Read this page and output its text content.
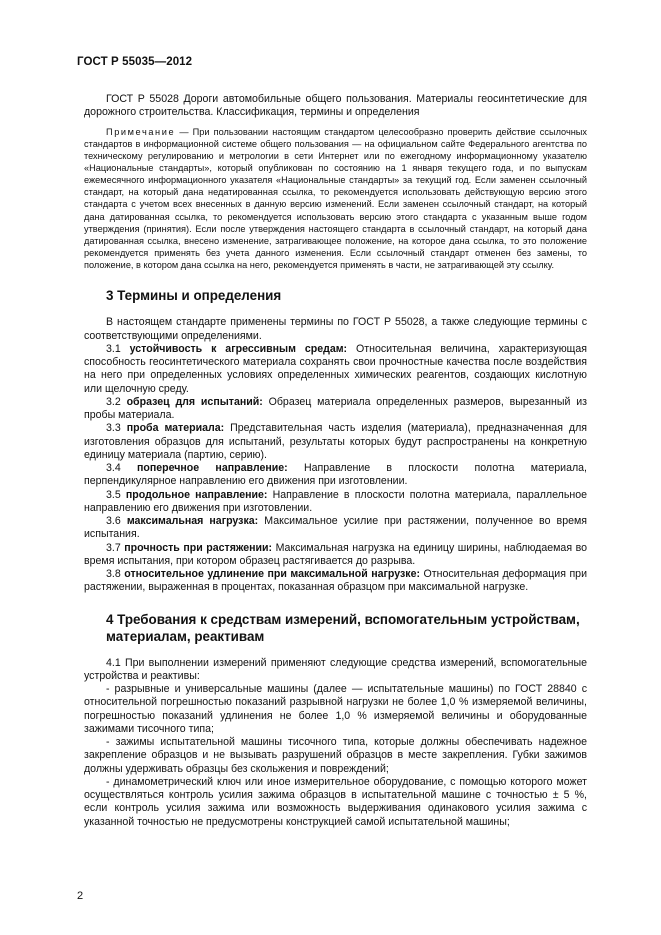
ГОСТ Р 55035—2012

ГОСТ Р 55028 Дороги автомобильные общего пользования. Материалы геосинтетические для дорожного строительства. Классификация, термины и определения

Примечание — При пользовании настоящим стандартом целесообразно проверить действие ссылочных стандартов в информационной системе общего пользования — на официальном сайте Федерального агентства по техническому регулированию и метрологии в сети Интернет или по ежегодному информационному указателю «Национальные стандарты», который опубликован по состоянию на 1 января текущего года, и по выпускам ежемесячного информационного указателя «Национальные стандарты» за текущий год. Если заменен ссылочный стандарт, на который дана недатированная ссылка, то рекомендуется использовать действующую версию этого стандарта с учетом всех внесенных в данную версию изменений. Если заменен ссылочный стандарт, на который дана датированная ссылка, то рекомендуется использовать версию этого стандарта с указанным выше годом утверждения (принятия). Если после утверждения настоящего стандарта в ссылочный стандарт, на который дана датированная ссылка, внесено изменение, затрагивающее положение, на которое дана ссылка, то это положение рекомендуется применять без учета данного изменения. Если ссылочный стандарт отменен без замены, то положение, в котором дана ссылка на него, рекомендуется применять в части, не затрагивающей эту ссылку.

3 Термины и определения

В настоящем стандарте применены термины по ГОСТ Р 55028, а также следующие термины с соответствующими определениями.

3.1 устойчивость к агрессивным средам: Относительная величина, характеризующая способность геосинтетического материала сохранять свои прочностные качества после воздействия на него при определенных условиях определенных химических реагентов, создающих кислотную или щелочную среду.

3.2 образец для испытаний: Образец материала определенных размеров, вырезанный из пробы материала.

3.3 проба материала: Представительная часть изделия (материала), предназначенная для изготовления образцов для испытаний, результаты которых будут распространены на конкретную единицу материала (партию, серию).

3.4 поперечное направление: Направление в плоскости полотна материала, перпендикулярное направлению его движения при изготовлении.

3.5 продольное направление: Направление в плоскости полотна материала, параллельное направлению его движения при изготовлении.

3.6 максимальная нагрузка: Максимальное усилие при растяжении, полученное во время испытания.

3.7 прочность при растяжении: Максимальная нагрузка на единицу ширины, наблюдаемая во время испытания, при котором образец растягивается до разрыва.

3.8 относительное удлинение при максимальной нагрузке: Относительная деформация при растяжении, выраженная в процентах, показанная образцом при максимальной нагрузке.

4 Требования к средствам измерений, вспомогательным устройствам, материалам, реактивам

4.1 При выполнении измерений применяют следующие средства измерений, вспомогательные устройства и реактивы:

- разрывные и универсальные машины (далее — испытательные машины) по ГОСТ 28840 с относительной погрешностью показаний разрывной нагрузки не более 1,0 % измеряемой величины, погрешностью показаний удлинения не более 1,0 % измеряемой величины и оборудованные зажимами тисочного типа;

- зажимы испытательной машины тисочного типа, которые должны обеспечивать надежное закрепление образцов и не вызывать разрушений образцов в месте закрепления. Губки зажимов должны удерживать образцы без скольжения и повреждений;

- динамометрический ключ или иное измерительное оборудование, с помощью которого может осуществляться контроль усилия зажима образцов в испытательной машине с точностью ± 5 %, если контроль усилия зажима или возможность выдерживания одинакового усилия зажима с указанной точностью не предусмотрены конструкцией самой испытательной машины;

2
